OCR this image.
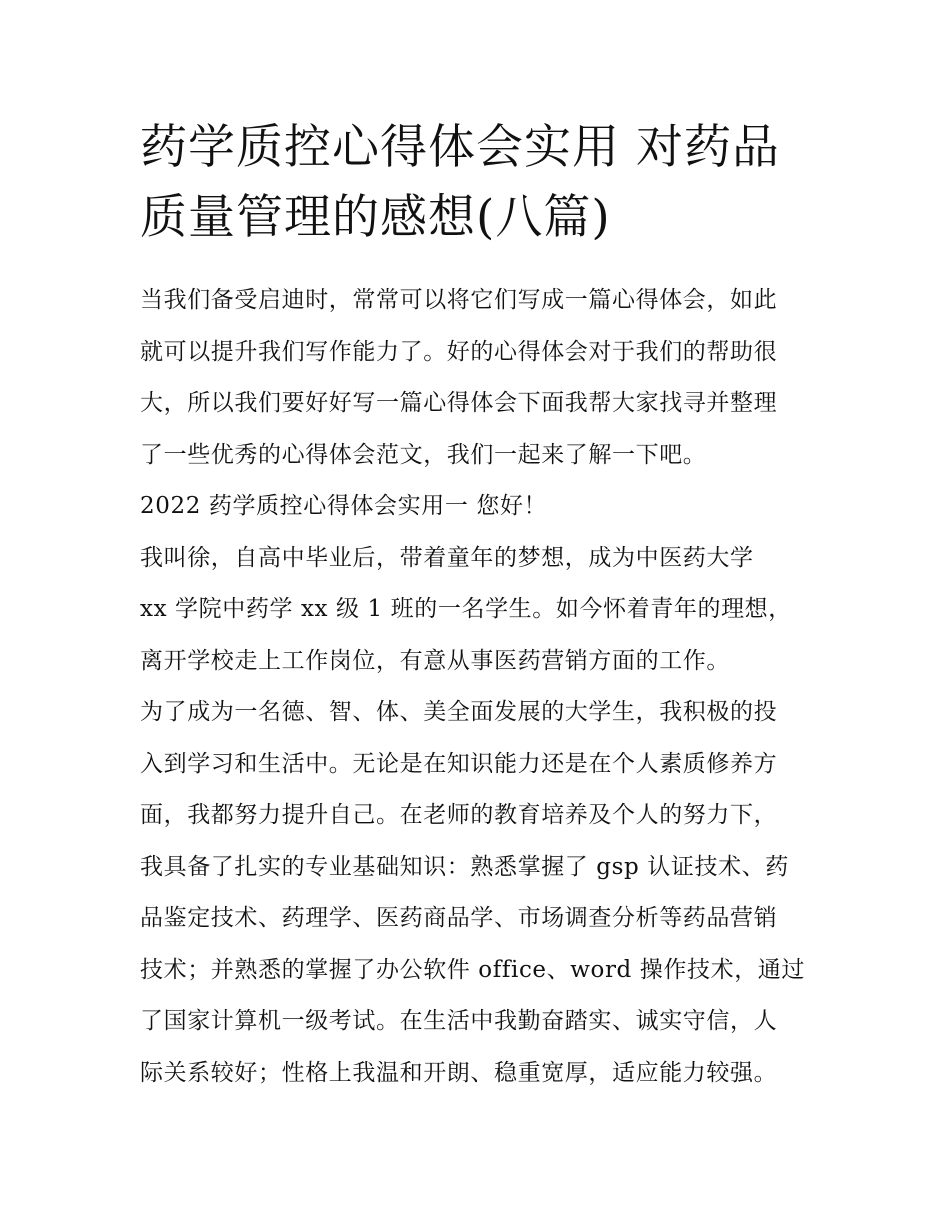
药学质控心得体会实用 对药品
质量管理的感想(八篇)
当我们备受启迪时，常常可以将它们写成一篇心得体会，如此
就可以提升我们写作能力了。好的心得体会对于我们的帮助很
大，所以我们要好好写一篇心得体会下面我帮大家找寻并整理
了一些优秀的心得体会范文，我们一起来了解一下吧。
2022 药学质控心得体会实用一 您好！
我叫徐，自高中毕业后，带着童年的梦想，成为中医药大学
xx 学院中药学 xx 级 1 班的一名学生。如今怀着青年的理想，
离开学校走上工作岗位，有意从事医药营销方面的工作。
为了成为一名德、智、体、美全面发展的大学生，我积极的投
入到学习和生活中。无论是在知识能力还是在个人素质修养方
面，我都努力提升自己。在老师的教育培养及个人的努力下，
我具备了扎实的专业基础知识：熟悉掌握了 gsp 认证技术、药
品鉴定技术、药理学、医药商品学、市场调查分析等药品营销
技术；并熟悉的掌握了办公软件 office、word 操作技术，通过
了国家计算机一级考试。在生活中我勤奋踏实、诚实守信，人
际关系较好；性格上我温和开朗、稳重宽厚，适应能力较强。
